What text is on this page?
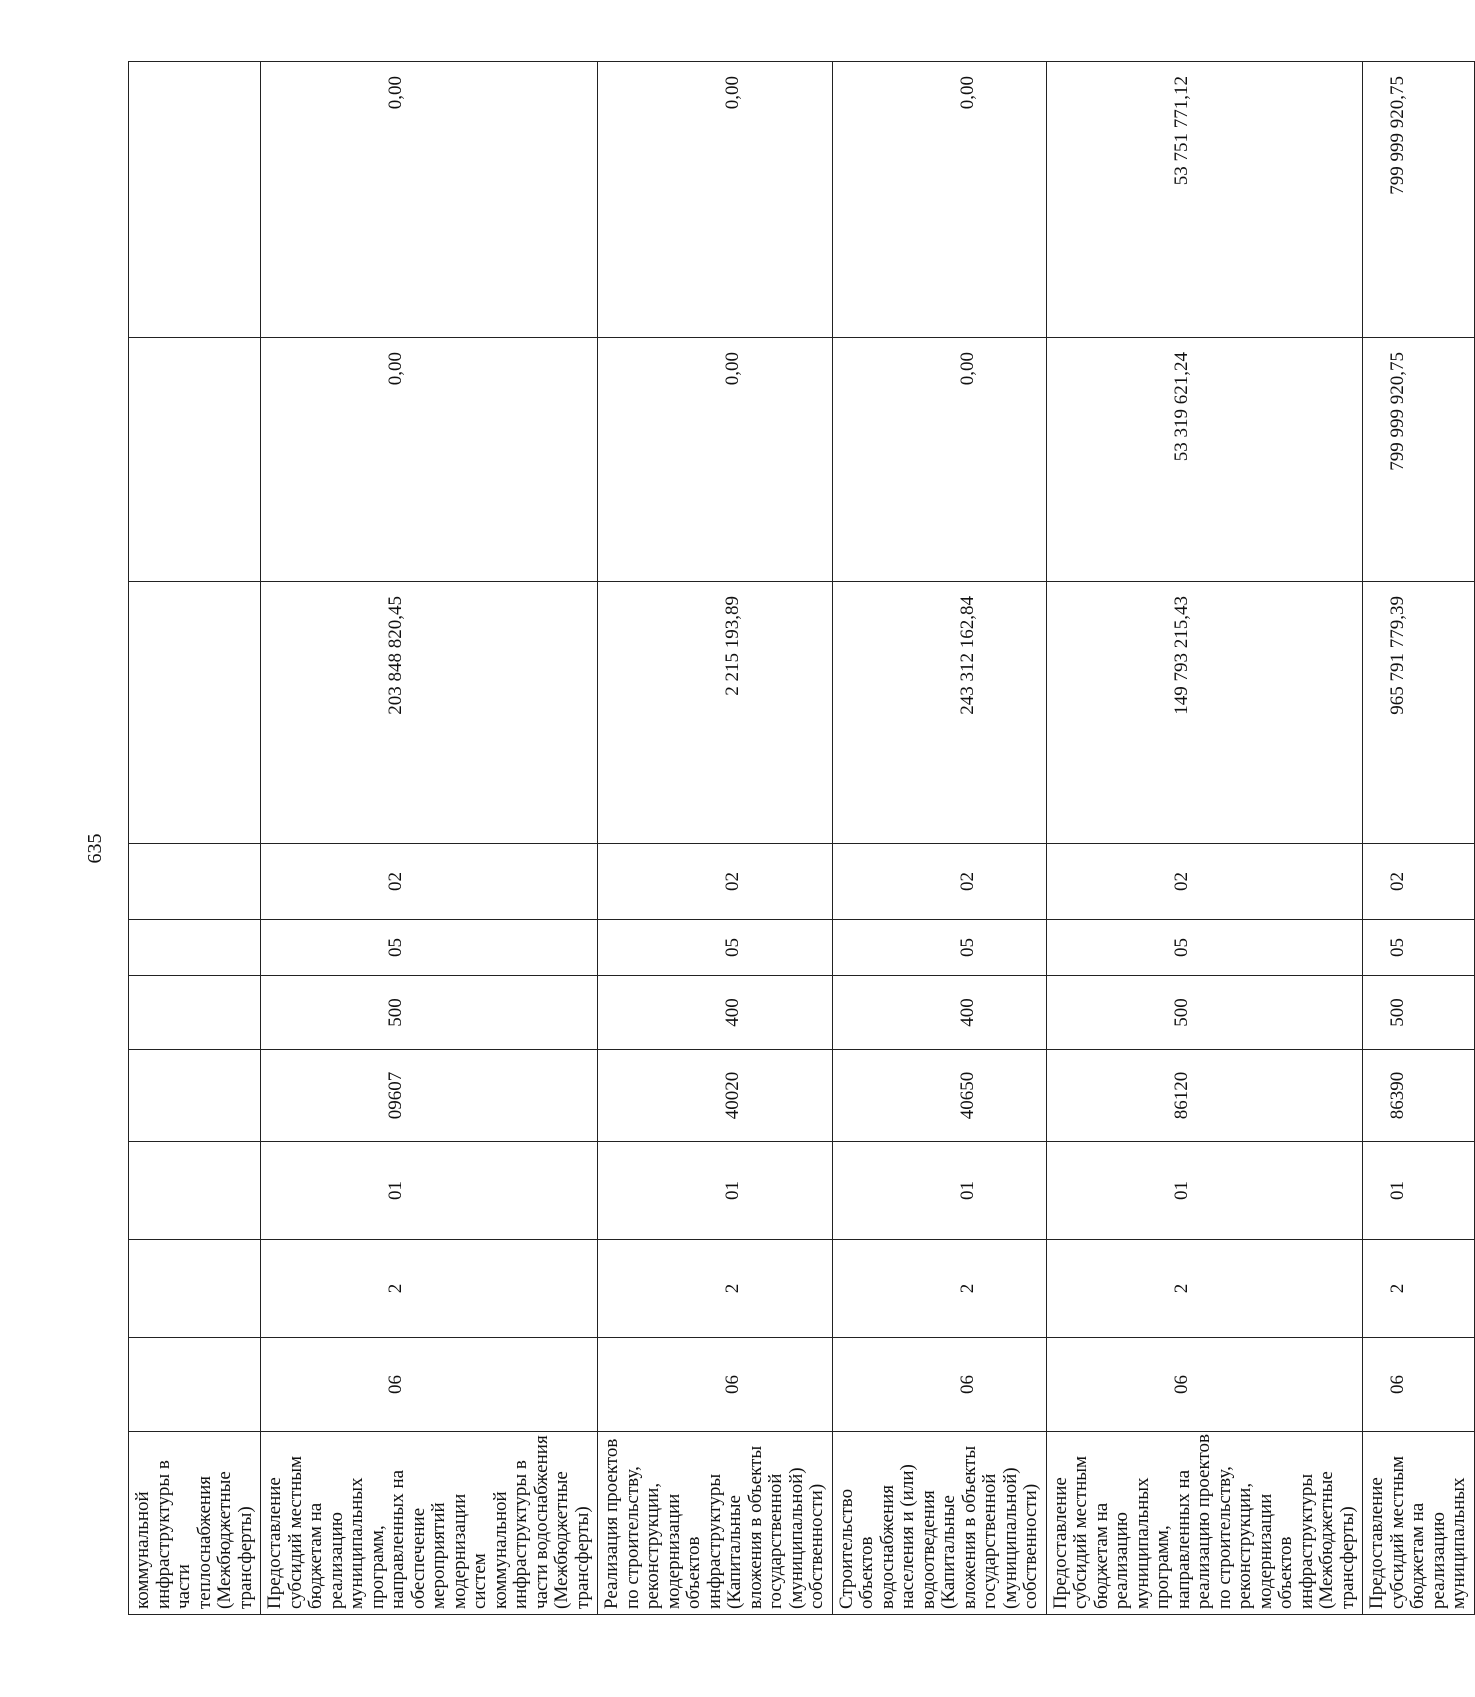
635
коммунальной инфраструктуры в части теплоснабжения (Межбюджетные трансферты)										
Предоставление субсидий местным бюджетам на реализацию муниципальных программ, направленных на обеспечение мероприятий модернизации систем коммунальной инфраструктуры в части водоснабжения (Межбюджетные трансферты)	06	2	01	09607	500	05	02	203 848 820,45	0,00	0,00
Реализация проектов по строительству, реконструкции, модернизации объектов инфраструктуры (Капитальные вложения в объекты государственной (муниципальной) собственности)	06	2	01	40020	400	05	02	2 215 193,89	0,00	0,00
Строительство объектов водоснабжения населения и (или) водоотведения (Капитальные вложения в объекты государственной (муниципальной) собственности)	06	2	01	40650	400	05	02	243 312 162,84	0,00	0,00
Предоставление субсидий местным бюджетам на реализацию муниципальных программ, направленных на реализацию проектов по строительству, реконструкции, модернизации объектов инфраструктуры (Межбюджетные трансферты)	06	2	01	86120	500	05	02	149 793 215,43	53 319 621,24	53 751 771,12
Предоставление субсидий местным бюджетам на реализацию муниципальных	06	2	01	86390	500	05	02	965 791 779,39	799 999 920,75	799 999 920,75
